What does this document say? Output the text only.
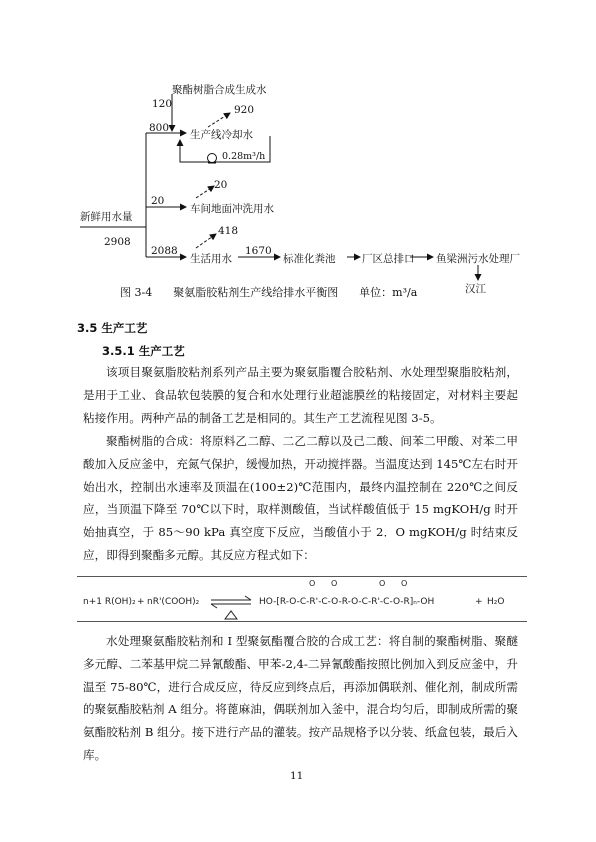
聚酯树脂合成生成水
120	920
800
生产线冷却水
0.28m³/h
20
20
车间地面冲洗用水
新鲜用水量
418
2908
2088
生活用水
1670
标准化粪池	厂区总排口 鱼梁洲污水处理厂
汉江
图 3-4      聚氨脂胶粘剂生产线给排水平衡图      单位：m³/a
3.5 生产工艺
3.5.1 生产工艺

该项目聚氨脂胶粘剂系列产品主要为聚氨脂覆合胶粘剂、水处理型聚脂胶粘剂，是用于工业、食品软包装膜的复合和水处理行业超滤膜丝的粘接固定，对材料主要起粘接作用。两种产品的制备工艺是相同的。其生产工艺流程见图 3-5。

聚酯树脂的合成：将原料乙二醇、二乙二醇以及己二酸、间苯二甲酸、对苯二甲酸加入反应釜中，充氮气保护，缓慢加热，开动搅拌器。当温度达到 145℃左右时开始出水，控制出水速率及顶温在(100±2)℃范围内，最终内温控制在 220℃之间反应，当顶温下降至 70℃以下时，取样测酸值，当试样酸值低于 15 mgKOH/g 时开始抽真空，于 85～90 kPa 真空度下反应，当酸值小于 2．O mgKOH/g 时结束反应，即得到聚酯多元醇。其反应方程式如下：

n+1 R(OH)₂ + nR'(COOH)₂ ⇌ HO-[R-O-C-R'-C-O-R-O-C-R'-C-O-R]ₙ-OH
O O	O O
+ H₂O

水处理聚氨酯胶粘剂和 I 型聚氨酯覆合胶的合成工艺：将自制的聚酯树脂、聚醚多元醇、二苯基甲烷二异氰酸酯、甲苯-2,4-二异氰酸酯按照比例加入到反应釜中，升温至 75-80℃，进行合成反应，待反应到终点后，再添加偶联剂、催化剂，制成所需的聚氨酯胶粘剂 A 组分。将蓖麻油，偶联剂加入釜中，混合均匀后，即制成所需的聚氨酯胶粘剂 B 组分。接下进行产品的灌装。按产品规格予以分装、纸盒包装，最后入库。

11
